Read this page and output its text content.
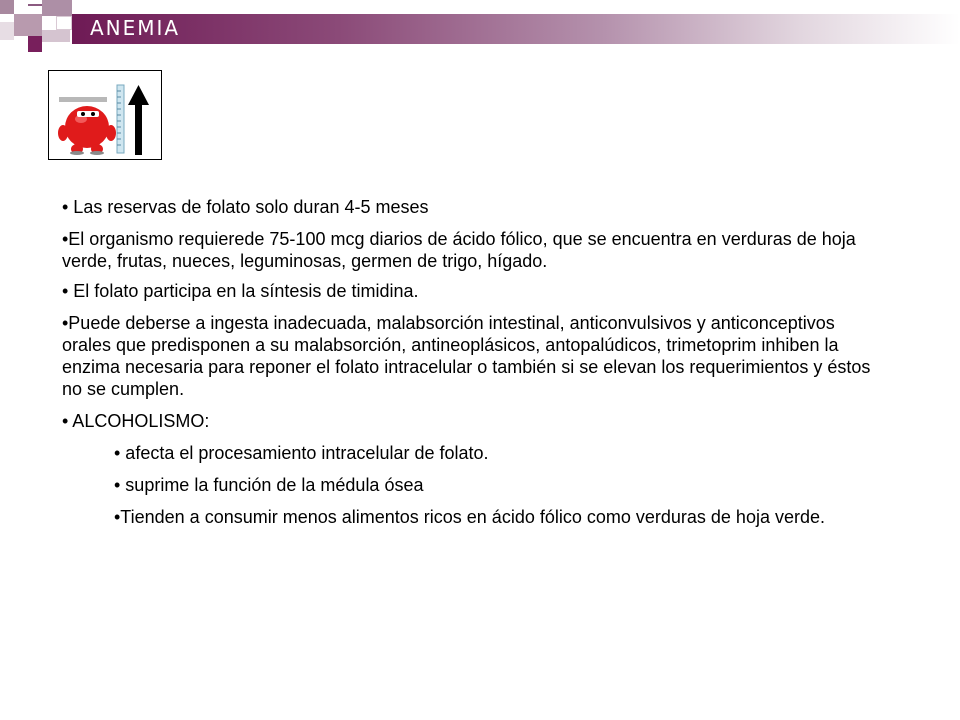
ANEMIA

• Las reservas de folato solo duran 4-5 meses

•El organismo requierede 75-100 mcg diarios de ácido fólico, que se encuentra en verduras de hoja verde, frutas, nueces, leguminosas, germen de trigo, hígado.

• El folato participa en la síntesis de timidina.

•Puede deberse a ingesta inadecuada, malabsorción intestinal, anticonvulsivos y anticonceptivos orales que predisponen a su malabsorción, antineoplásicos, antopalúdicos, trimetoprim inhiben la enzima necesaria para reponer el folato intracelular o también si se elevan los requerimientos y éstos no se cumplen.

• ALCOHOLISMO:

• afecta el procesamiento intracelular de folato.

• suprime la función de la médula ósea

•Tienden a consumir menos alimentos ricos en ácido fólico como verduras de hoja verde.
